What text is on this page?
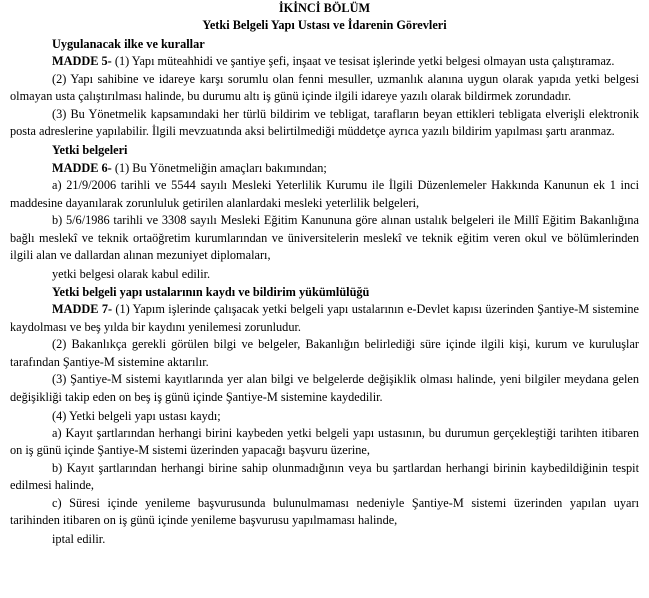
İKİNCİ BÖLÜM
Yetki Belgeli Yapı Ustası ve İdarenin Görevleri
Uygulanacak ilke ve kurallar

MADDE 5- (1) Yapı müteahhidi ve şantiye şefi, inşaat ve tesisat işlerinde yetki belgesi olmayan usta çalıştıramaz.

(2) Yapı sahibine ve idareye karşı sorumlu olan fenni mesuller, uzmanlık alanına uygun olarak yapıda yetki belgesi olmayan usta çalıştırılması halinde, bu durumu altı iş günü içinde ilgili idareye yazılı olarak bildirmek zorundadır.

(3) Bu Yönetmelik kapsamındaki her türlü bildirim ve tebligat, tarafların beyan ettikleri tebligata elverişli elektronik posta adreslerine yapılabilir. İlgili mevzuatında aksi belirtilmediği müddetçe ayrıca yazılı bildirim yapılması şartı aranmaz.

Yetki belgeleri

MADDE 6- (1) Bu Yönetmeliğin amaçları bakımından;

a) 21/9/2006 tarihli ve 5544 sayılı Mesleki Yeterlilik Kurumu ile İlgili Düzenlemeler Hakkında Kanunun ek 1 inci maddesine dayanılarak zorunluluk getirilen alanlardaki mesleki yeterlilik belgeleri,

b) 5/6/1986 tarihli ve 3308 sayılı Mesleki Eğitim Kanununa göre alınan ustalık belgeleri ile Millî Eğitim Bakanlığına bağlı meslekî ve teknik ortaöğretim kurumlarından ve üniversitelerin meslekî ve teknik eğitim veren okul ve bölümlerinden ilgili alan ve dallardan alınan mezuniyet diplomaları,

yetki belgesi olarak kabul edilir.

Yetki belgeli yapı ustalarının kaydı ve bildirim yükümlülüğü

MADDE 7- (1) Yapım işlerinde çalışacak yetki belgeli yapı ustalarının e-Devlet kapısı üzerinden Şantiye-M sistemine kaydolması ve beş yılda bir kaydını yenilemesi zorunludur.

(2) Bakanlıkça gerekli görülen bilgi ve belgeler, Bakanlığın belirlediği süre içinde ilgili kişi, kurum ve kuruluşlar tarafından Şantiye-M sistemine aktarılır.

(3) Şantiye-M sistemi kayıtlarında yer alan bilgi ve belgelerde değişiklik olması halinde, yeni bilgiler meydana gelen değişikliği takip eden on beş iş günü içinde Şantiye-M sistemine kaydedilir.

(4) Yetki belgeli yapı ustası kaydı;

a) Kayıt şartlarından herhangi birini kaybeden yetki belgeli yapı ustasının, bu durumun gerçekleştiği tarihten itibaren on iş günü içinde Şantiye-M sistemi üzerinden yapacağı başvuru üzerine,

b) Kayıt şartlarından herhangi birine sahip olunmadığının veya bu şartlardan herhangi birinin kaybedildiğinin tespit edilmesi halinde,

c) Süresi içinde yenileme başvurusunda bulunulmaması nedeniyle Şantiye-M sistemi üzerinden yapılan uyarı tarihinden itibaren on iş günü içinde yenileme başvurusu yapılmaması halinde,

iptal edilir.
